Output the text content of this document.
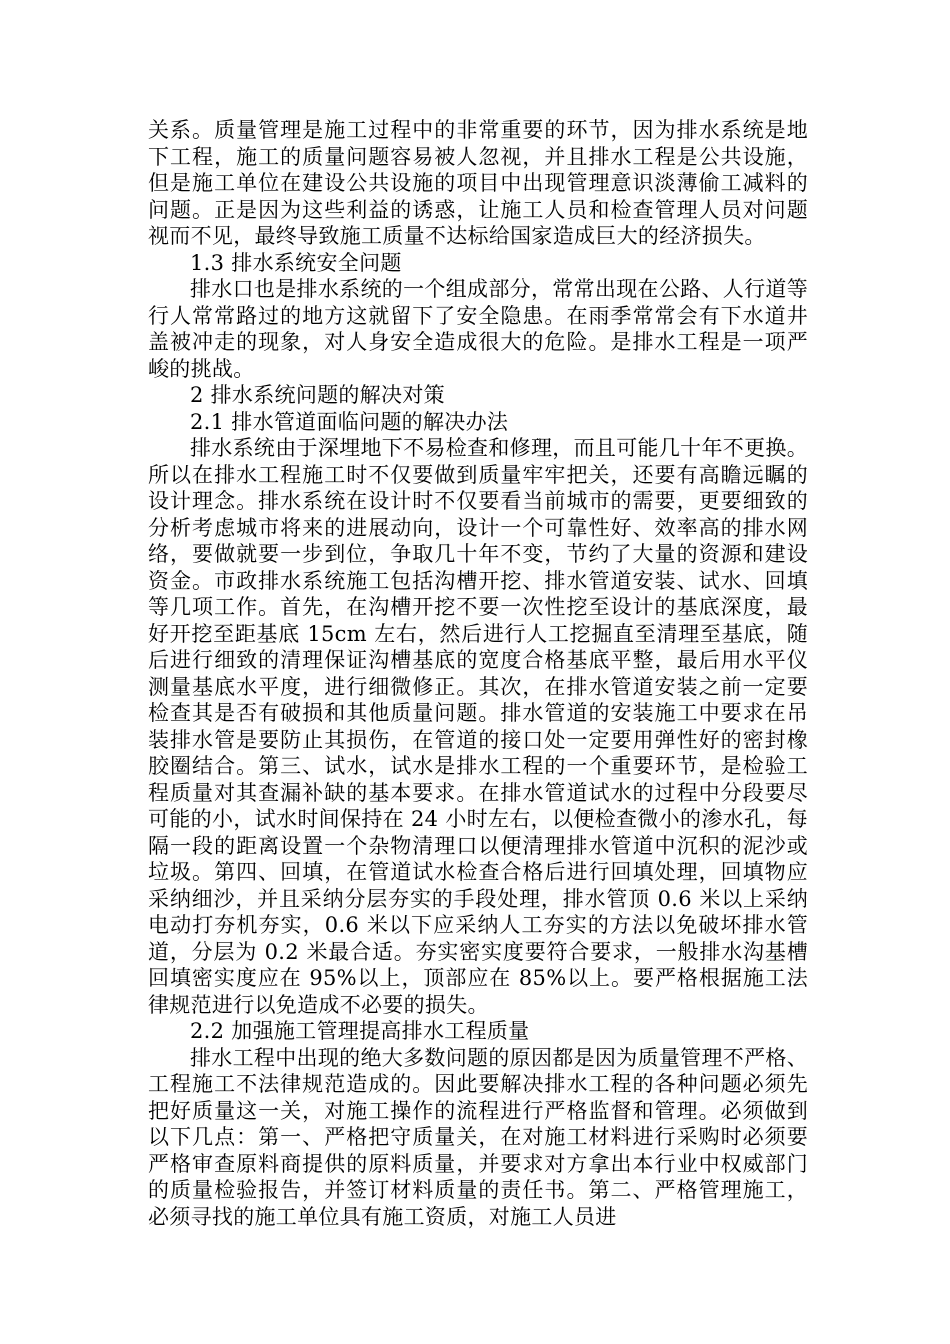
关系。质量管理是施工过程中的非常重要的环节，因为排水系统是地下工程，施工的质量问题容易被人忽视，并且排水工程是公共设施，但是施工单位在建设公共设施的项目中出现管理意识淡薄偷工减料的问题。正是因为这些利益的诱惑，让施工人员和检查管理人员对问题视而不见，最终导致施工质量不达标给国家造成巨大的经济损失。

1.3 排水系统安全问题

排水口也是排水系统的一个组成部分，常常出现在公路、人行道等行人常常路过的地方这就留下了安全隐患。在雨季常常会有下水道井盖被冲走的现象，对人身安全造成很大的危险。是排水工程是一项严峻的挑战。

2 排水系统问题的解决对策

2.1 排水管道面临问题的解决办法

排水系统由于深埋地下不易检查和修理，而且可能几十年不更换。所以在排水工程施工时不仅要做到质量牢牢把关，还要有高瞻远瞩的设计理念。排水系统在设计时不仅要看当前城市的需要，更要细致的分析考虑城市将来的进展动向，设计一个可靠性好、效率高的排水网络，要做就要一步到位，争取几十年不变，节约了大量的资源和建设资金。市政排水系统施工包括沟槽开挖、排水管道安装、试水、回填等几项工作。首先，在沟槽开挖不要一次性挖至设计的基底深度，最好开挖至距基底 15cm 左右，然后进行人工挖掘直至清理至基底，随后进行细致的清理保证沟槽基底的宽度合格基底平整，最后用水平仪测量基底水平度，进行细微修正。其次，在排水管道安装之前一定要检查其是否有破损和其他质量问题。排水管道的安装施工中要求在吊装排水管是要防止其损伤，在管道的接口处一定要用弹性好的密封橡胶圈结合。第三、试水，试水是排水工程的一个重要环节，是检验工程质量对其查漏补缺的基本要求。在排水管道试水的过程中分段要尽可能的小，试水时间保持在 24 小时左右，以便检查微小的渗水孔，每隔一段的距离设置一个杂物清理口以便清理排水管道中沉积的泥沙或垃圾。第四、回填，在管道试水检查合格后进行回填处理，回填物应采纳细沙，并且采纳分层夯实的手段处理，排水管顶 0.6 米以上采纳电动打夯机夯实，0.6 米以下应采纳人工夯实的方法以免破坏排水管道，分层为 0.2 米最合适。夯实密实度要符合要求，一般排水沟基槽回填密实度应在 95%以上，顶部应在 85%以上。要严格根据施工法律规范进行以免造成不必要的损失。

2.2 加强施工管理提高排水工程质量

排水工程中出现的绝大多数问题的原因都是因为质量管理不严格、工程施工不法律规范造成的。因此要解决排水工程的各种问题必须先把好质量这一关，对施工操作的流程进行严格监督和管理。必须做到以下几点：第一、严格把守质量关，在对施工材料进行采购时必须要严格审查原料商提供的原料质量，并要求对方拿出本行业中权威部门的质量检验报告，并签订材料质量的责任书。第二、严格管理施工，必须寻找的施工单位具有施工资质，对施工人员进
